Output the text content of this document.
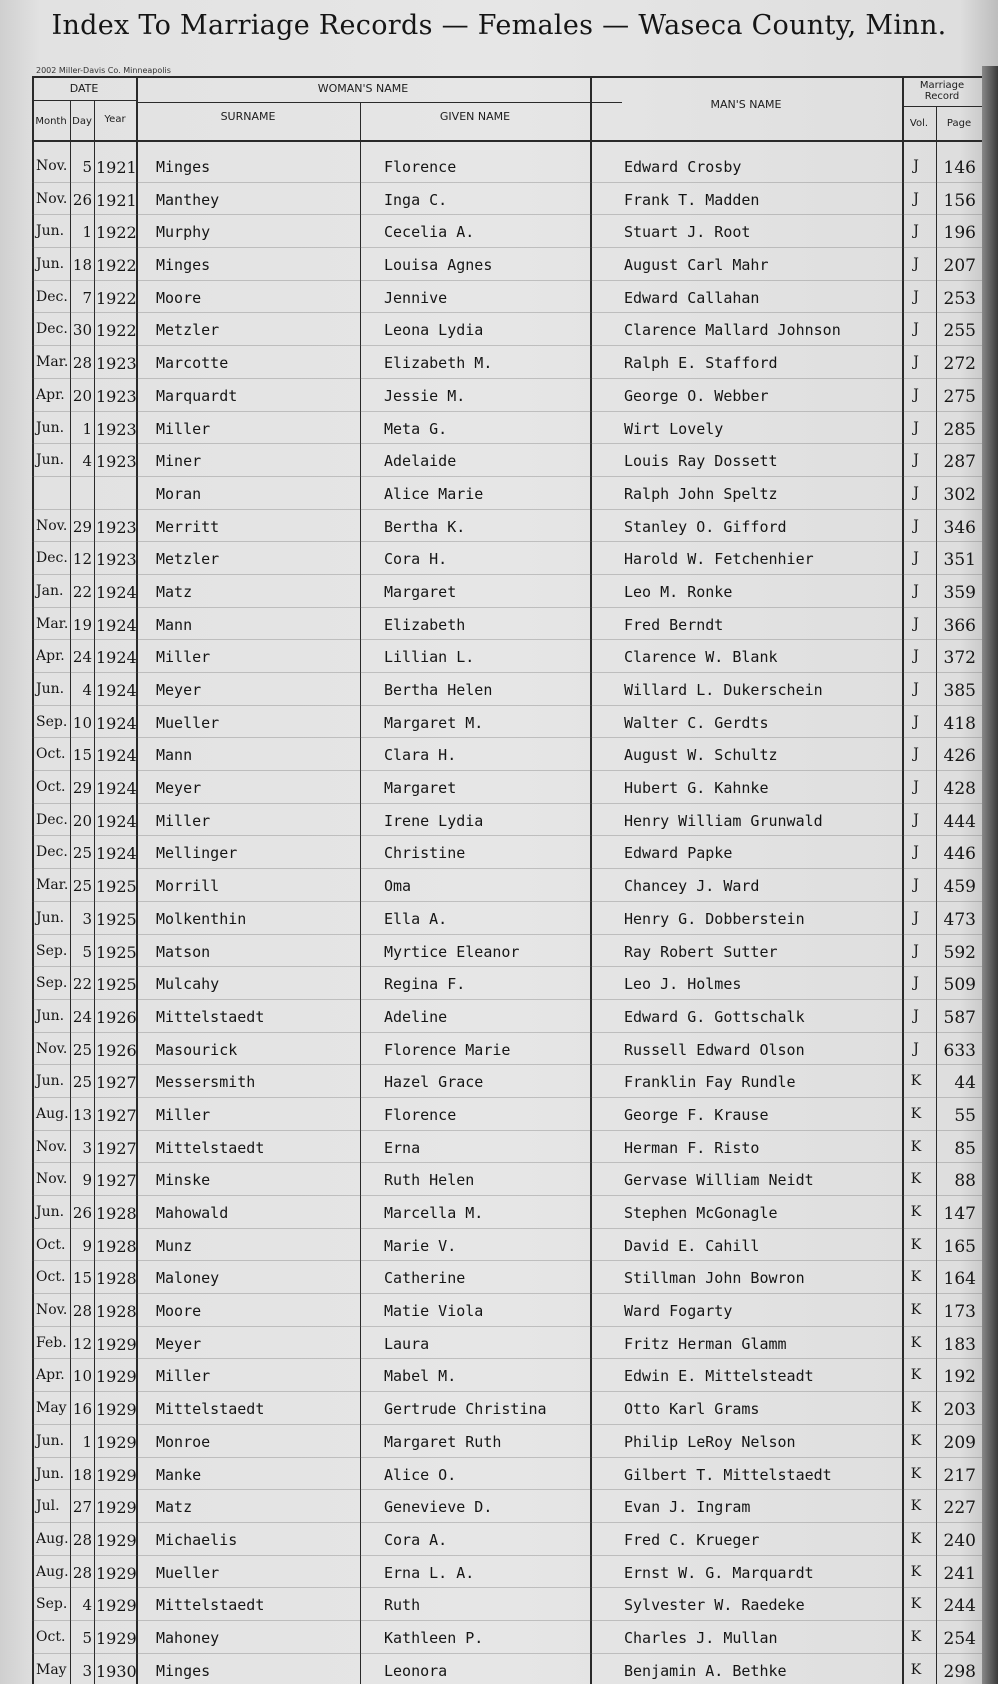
Index To Marriage Records — Females — Waseca County, Minn.
2002 Miller-Davis Co. Minneapolis
DATE
Month Day	Year
WOMAN'S NAME
SURNAME	GIVEN NAME
MAN'S NAME
Marriage Record
Vol.	Page
Nov.	5 1921 Minges	Florence	Edward Crosby	J	146
Nov. 26 1921 Manthey	Inga C.	Frank T. Madden	J	156
Jun.	1 1922 Murphy	Cecelia A.	Stuart J. Root	J	196
Jun. 18 1922 Minges	Louisa Agnes	August Carl Mahr	J	207
Dec. 7 1922 Moore	Jennive	Edward Callahan	J	253
Dec. 30 1922 Metzler	Leona Lydia	Clarence Mallard Johnson	J	255
Mar. 28 1923 Marcotte	Elizabeth M.	Ralph E. Stafford	J	272
Apr. 20 1923 Marquardt	Jessie M.	George O. Webber	J	275
Jun.	1 1923 Miller	Meta G.	Wirt Lovely	J	285
Jun.	4 1923 Miner	Adelaide	Louis Ray Dossett	J	287
Moran	Alice Marie	Ralph John Speltz	J	302
Nov. 29 1923 Merritt	Bertha K.	Stanley O. Gifford	J	346
Dec. 12 1923 Metzler	Cora H.	Harold W. Fetchenhier	J	351
Jan. 22 1924 Matz	Margaret	Leo M. Ronke	J	359
Mar. 19 1924 Mann	Elizabeth	Fred Berndt	J	366
Apr. 24 1924 Miller	Lillian L.	Clarence W. Blank	J	372
Jun.	4 1924 Meyer	Bertha Helen	Willard L. Dukerschein	J	385
Sep. 10 1924 Mueller	Margaret M.	Walter C. Gerdts	J	418
Oct. 15 1924 Mann	Clara H.	August W. Schultz	J	426
Oct. 29 1924 Meyer	Margaret	Hubert G. Kahnke	J	428
Dec. 20 1924 Miller	Irene Lydia	Henry William Grunwald	J	444
Dec. 25 1924 Mellinger	Christine	Edward Papke	J	446
Mar. 25 1925 Morrill	Oma	Chancey J. Ward	J	459
Jun.	3 1925 Molkenthin	Ella A.	Henry G. Dobberstein	J	473
Sep.	5 1925 Matson	Myrtice Eleanor	Ray Robert Sutter	J	592
Sep. 22 1925 Mulcahy	Regina F.	Leo J. Holmes	J	509
Jun. 24 1926 Mittelstaedt	Adeline	Edward G. Gottschalk	J	587
Nov. 25 1926 Masourick	Florence Marie	Russell Edward Olson	J	633
Jun. 25 1927 Messersmith	Hazel Grace	Franklin Fay Rundle	K	44
Aug. 13 1927 Miller	Florence	George F. Krause	K	55
Nov.	3 1927 Mittelstaedt	Erna	Herman F. Risto	K	85
Nov.	9 1927 Minske	Ruth Helen	Gervase William Neidt	K	88
Jun. 26 1928 Mahowald	Marcella M.	Stephen McGonagle	K	147
Oct.	9 1928 Munz	Marie V.	David E. Cahill	K	165
Oct. 15 1928 Maloney	Catherine	Stillman John Bowron	K	164
Nov. 28 1928 Moore	Matie Viola	Ward Fogarty	K	173
Feb. 12 1929 Meyer	Laura	Fritz Herman Glamm	K	183
Apr. 10 1929 Miller	Mabel M.	Edwin E. Mittelsteadt	K	192
May 16 1929 Mittelstaedt	Gertrude Christina	Otto Karl Grams	K	203
Jun.	1 1929 Monroe	Margaret Ruth	Philip LeRoy Nelson	K	209
Jun. 18 1929 Manke	Alice O.	Gilbert T. Mittelstaedt	K	217
Jul. 27 1929 Matz	Genevieve D.	Evan J. Ingram	K	227
Aug. 28 1929 Michaelis	Cora A.	Fred C. Krueger	K	240
Aug. 28 1929 Mueller	Erna L. A.	Ernst W. G. Marquardt	K	241
Sep.	4 1929 Mittelstaedt	Ruth	Sylvester W. Raedeke	K	244
Oct.	5 1929 Mahoney	Kathleen P.	Charles J. Mullan	K	254
May	3 1930 Minges	Leonora	Benjamin A. Bethke	K	298
